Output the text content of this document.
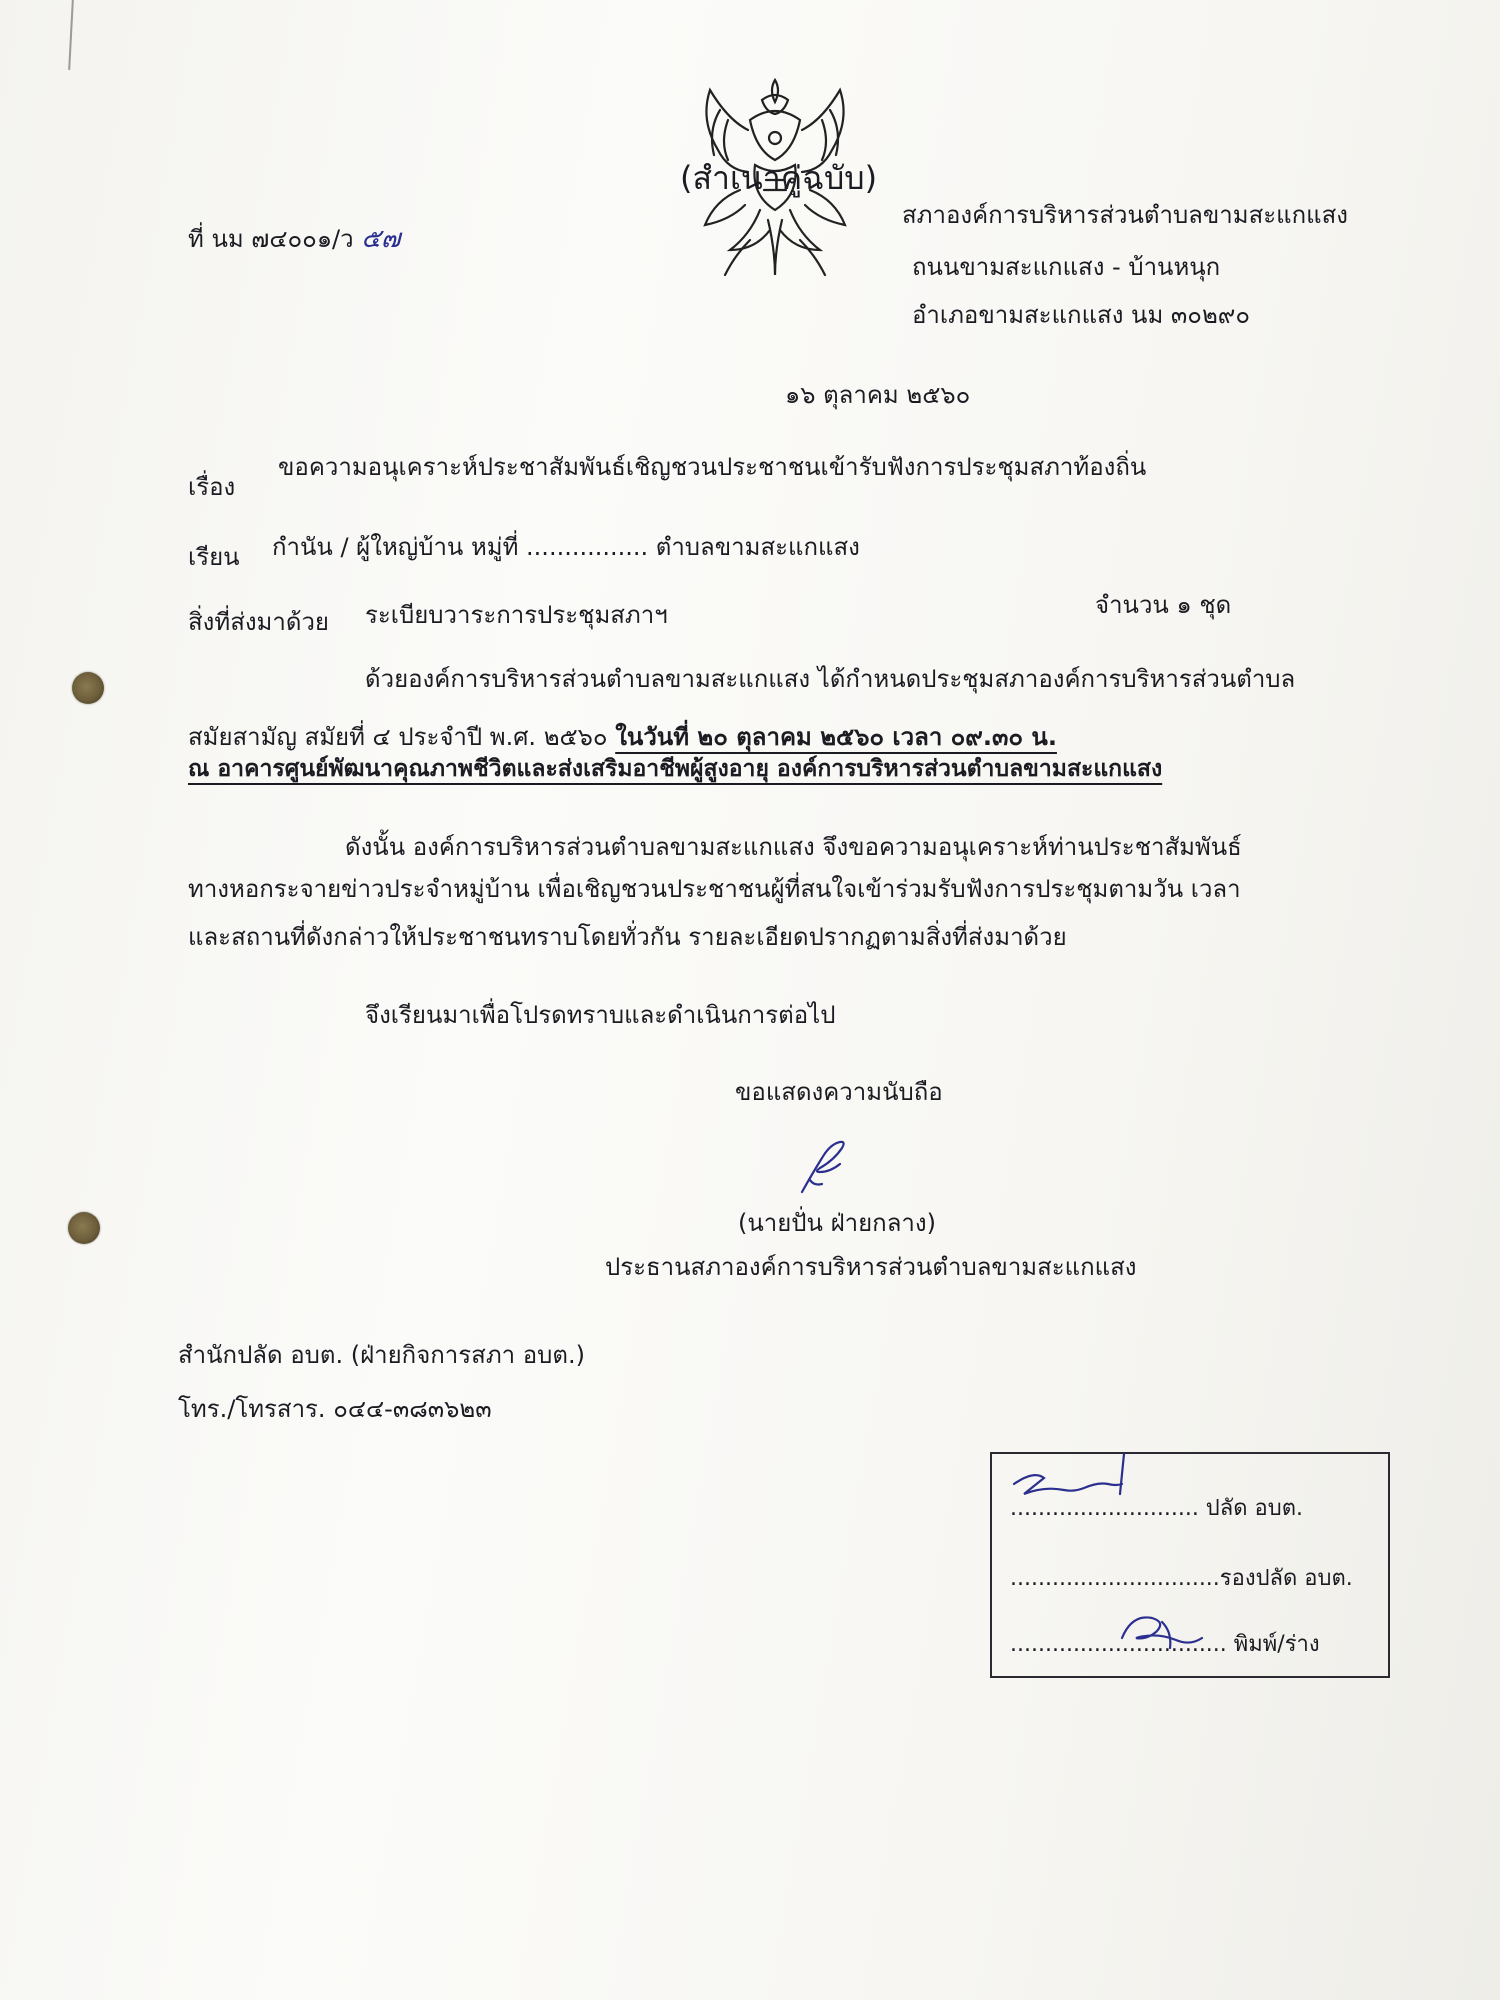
(สำเนาคู่ฉบับ)
ที่ นม ๗๔๐๐๑/ว ๕๗
สภาองค์การบริหารส่วนตำบลขามสะแกแสง
ถนนขามสะแกแสง - บ้านหนุก
อำเภอขามสะแกแสง นม ๓๐๒๙๐
๑๖ ตุลาคม ๒๕๖๐
เรื่อง
ขอความอนุเคราะห์ประชาสัมพันธ์เชิญชวนประชาชนเข้ารับฟังการประชุมสภาท้องถิ่น
เรียน กำนัน / ผู้ใหญ่บ้าน หมู่ที่ ................ ตำบลขามสะแกแสง
สิ่งที่ส่งมาด้วย ระเบียบวาระการประชุมสภาฯ	จำนวน ๑ ชุด
ด้วยองค์การบริหารส่วนตำบลขามสะแกแสง ได้กำหนดประชุมสภาองค์การบริหารส่วนตำบล
สมัยสามัญ สมัยที่ ๔ ประจำปี พ.ศ. ๒๕๖๐ ในวันที่ ๒๐ ตุลาคม ๒๕๖๐ เวลา ๐๙.๓๐ น.
ณ อาคารศูนย์พัฒนาคุณภาพชีวิตและส่งเสริมอาชีพผู้สูงอายุ องค์การบริหารส่วนตำบลขามสะแกแสง
ดังนั้น องค์การบริหารส่วนตำบลขามสะแกแสง จึงขอความอนุเคราะห์ท่านประชาสัมพันธ์
ทางหอกระจายข่าวประจำหมู่บ้าน เพื่อเชิญชวนประชาชนผู้ที่สนใจเข้าร่วมรับฟังการประชุมตามวัน เวลา
และสถานที่ดังกล่าวให้ประชาชนทราบโดยทั่วกัน รายละเอียดปรากฏตามสิ่งที่ส่งมาด้วย
จึงเรียนมาเพื่อโปรดทราบและดำเนินการต่อไป
ขอแสดงความนับถือ
(นายปั่น ฝ่ายกลาง)
ประธานสภาองค์การบริหารส่วนตำบลขามสะแกแสง
สำนักปลัด อบต. (ฝ่ายกิจการสภา อบต.)
โทร./โทรสาร. ๐๔๔-๓๘๓๖๒๓
........................... ปลัด อบต.
..............................รองปลัด อบต.
............................... พิมพ์/ร่าง
